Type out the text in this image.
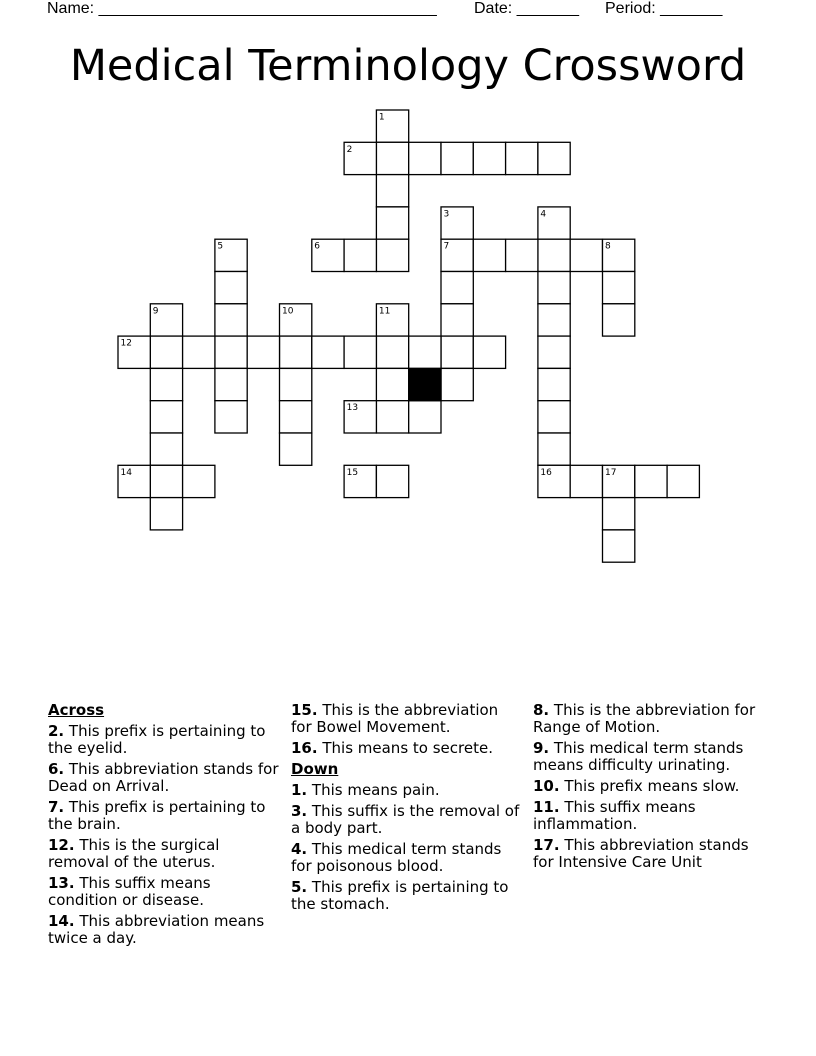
Name: ______________________________________ Date: _______ Period: _______
Medical Terminology Crossword
1
2
3	4
5	6	7	8
9	10	11
12
13
14	15	16	17
Across
2. This prefix is pertaining to the eyelid.
6. This abbreviation stands for Dead on Arrival.
7. This prefix is pertaining to the brain.
12. This is the surgical removal of the uterus.
13. This suffix means condition or disease.
14. This abbreviation means twice a day.
15. This is the abbreviation for Bowel Movement.
16. This means to secrete.
Down
1. This means pain.
3. This suffix is the removal of a body part.
4. This medical term stands for poisonous blood.
5. This prefix is pertaining to the stomach.
8. This is the abbreviation for Range of Motion.
9. This medical term stands means difficulty urinating.
10. This prefix means slow.
11. This suffix means inflammation.
17. This abbreviation stands for Intensive Care Unit
